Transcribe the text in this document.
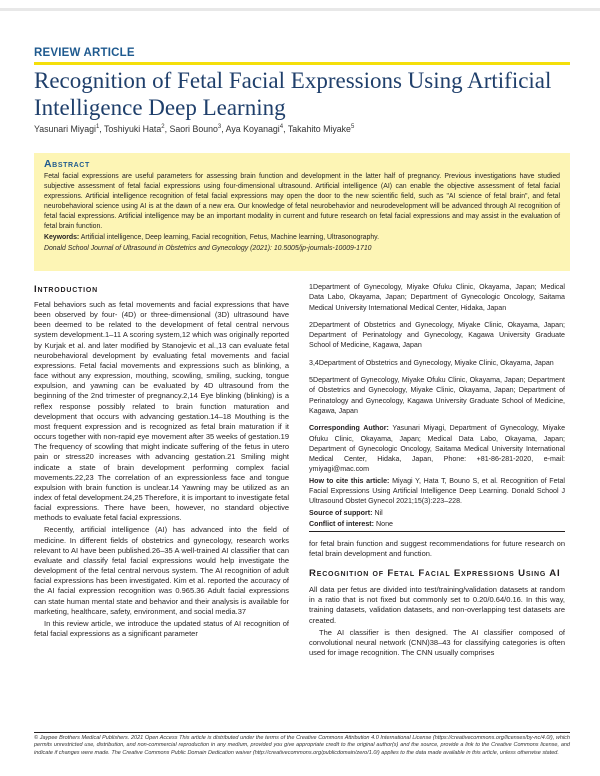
REVIEW ARTICLE
Recognition of Fetal Facial Expressions Using Artificial Intelligence Deep Learning
Yasunari Miyagi$^1$, Toshiyuki Hata$^2$, Saori Bouno$^3$, Aya Koyanagi$^4$, Takahito Miyake$^5$
Abstract
Fetal facial expressions are useful parameters for assessing brain function and development in the latter half of pregnancy. Previous investigations have studied subjective assessment of fetal facial expressions using four-dimensional ultrasound. Artificial intelligence (AI) can enable the objective assessment of fetal facial expressions. Artificial intelligence recognition of fetal facial expressions may open the door to the new scientific field, such as "AI science of fetal brain", and fetal neurobehavioral science using AI is at the dawn of a new era. Our knowledge of fetal neurobehavior and neurodevelopment will be advanced through AI recognition of fetal facial expressions. Artificial intelligence may be an important modality in current and future research on fetal facial expressions and may assist in the evaluation of fetal brain function.
Keywords: Artificial intelligence, Deep learning, Facial recognition, Fetus, Machine learning, Ultrasonography.
Donald School Journal of Ultrasound in Obstetrics and Gynecology (2021): 10.5005/jp-journals-10009-1710
Introduction

Fetal behaviors such as fetal movements and facial expressions that have been observed by four- (4D) or three-dimensional (3D) ultrasound have been deemed to be related to the development of fetal central nervous system development.1–11 A scoring system,12 which was originally reported by Kurjak et al. and later modified by Stanojevic et al.,13 can evaluate fetal neurobehavioral development by evaluating fetal movements and facial expressions. Fetal facial movements and expressions such as blinking, a face without any expression, mouthing, scowling, smiling, sucking, tongue expulsion, and yawning can be evaluated by 4D ultrasound from the beginning of the 2nd trimester of pregnancy.2,14 Eye blinking (blinking) is a reflex response possibly related to brain function maturation and development that occurs with advancing gestation.14–18 Mouthing is the most frequent expression and is recognized as fetal brain maturation if it occurs together with non-rapid eye movement after 35 weeks of gestation.19 The frequency of scowling that might indicate suffering of the fetus in utero pain or stress20 increases with advancing gestation.21 Smiling might indicate a state of brain development performing complex facial movements.22,23 The correlation of an expressionless face and tongue expulsion with brain function is unclear.14 Yawning may be utilized as an index of fetal development.24,25 Therefore, it is important to investigate fetal facial expressions. There have been, however, no standard objective methods to evaluate fetal facial expressions.

Recently, artificial intelligence (AI) has advanced into the field of medicine. In different fields of obstetrics and gynecology, research works relevant to AI have been published.26–35 A well-trained AI classifier that can evaluate and classify fetal facial expressions would help investigate the development of the fetal central nervous system. The AI recognition of adult facial expressions has been investigated. Kim et al. reported the accuracy of the AI facial expression recognition was 0.965.36 Adult facial expressions can state human mental state and behavior and their analysis is available for marketing, healthcare, safety, environment, and social media.37

In this review article, we introduce the updated status of AI recognition of fetal facial expressions as a significant parameter

1Department of Gynecology, Miyake Ofuku Clinic, Okayama, Japan; Medical Data Labo, Okayama, Japan; Department of Gynecologic Oncology, Saitama Medical University International Medical Center, Hidaka, Japan

2Department of Obstetrics and Gynecology, Miyake Clinic, Okayama, Japan; Department of Perinatology and Gynecology, Kagawa University Graduate School of Medicine, Kagawa, Japan

3,4Department of Obstetrics and Gynecology, Miyake Clinic, Okayama, Japan

5Department of Gynecology, Miyake Ofuku Clinic, Okayama, Japan; Department of Obstetrics and Gynecology, Miyake Clinic, Okayama, Japan; Department of Perinatology and Gynecology, Kagawa University Graduate School of Medicine, Kagawa, Japan

Corresponding Author: Yasunari Miyagi, Department of Gynecology, Miyake Ofuku Clinic, Okayama, Japan; Medical Data Labo, Okayama, Japan; Department of Gynecologic Oncology, Saitama Medical University International Medical Center, Hidaka, Japan, Phone: +81-86-281-2020, e-mail: ymiyagi@mac.com

How to cite this article: Miyagi Y, Hata T, Bouno S, et al. Recognition of Fetal Facial Expressions Using Artificial Intelligence Deep Learning. Donald School J Ultrasound Obstet Gynecol 2021;15(3):223–228.

Source of support: Nil

Conflict of interest: None

for fetal brain function and suggest recommendations for future research on fetal brain development and function.

Recognition of Fetal Facial Expressions Using AI

All data per fetus are divided into test/training/validation datasets at random in a ratio that is not fixed but commonly set to 0.20/0.64/0.16. In this way, training datasets, validation datasets, and non-overlapping test datasets are created.

The AI classifier is then designed. The AI classifier composed of convolutional neural network (CNN)38–43 for classifying categories is often used for image recognition. The CNN usually comprises

© Jaypee Brothers Medical Publishers. 2021 Open Access This article is distributed under the terms of the Creative Commons Attribution 4.0 International License (https://creativecommons.org/licenses/by-nc/4.0/), which permits unrestricted use, distribution, and non-commercial reproduction in any medium, provided you give appropriate credit to the original author(s) and the source, provide a link to the Creative Commons license, and indicate if changes were made. The Creative Commons Public Domain Dedication waiver (http://creativecommons.org/publicdomain/zero/1.0/) applies to the data made available in this article, unless otherwise stated.
